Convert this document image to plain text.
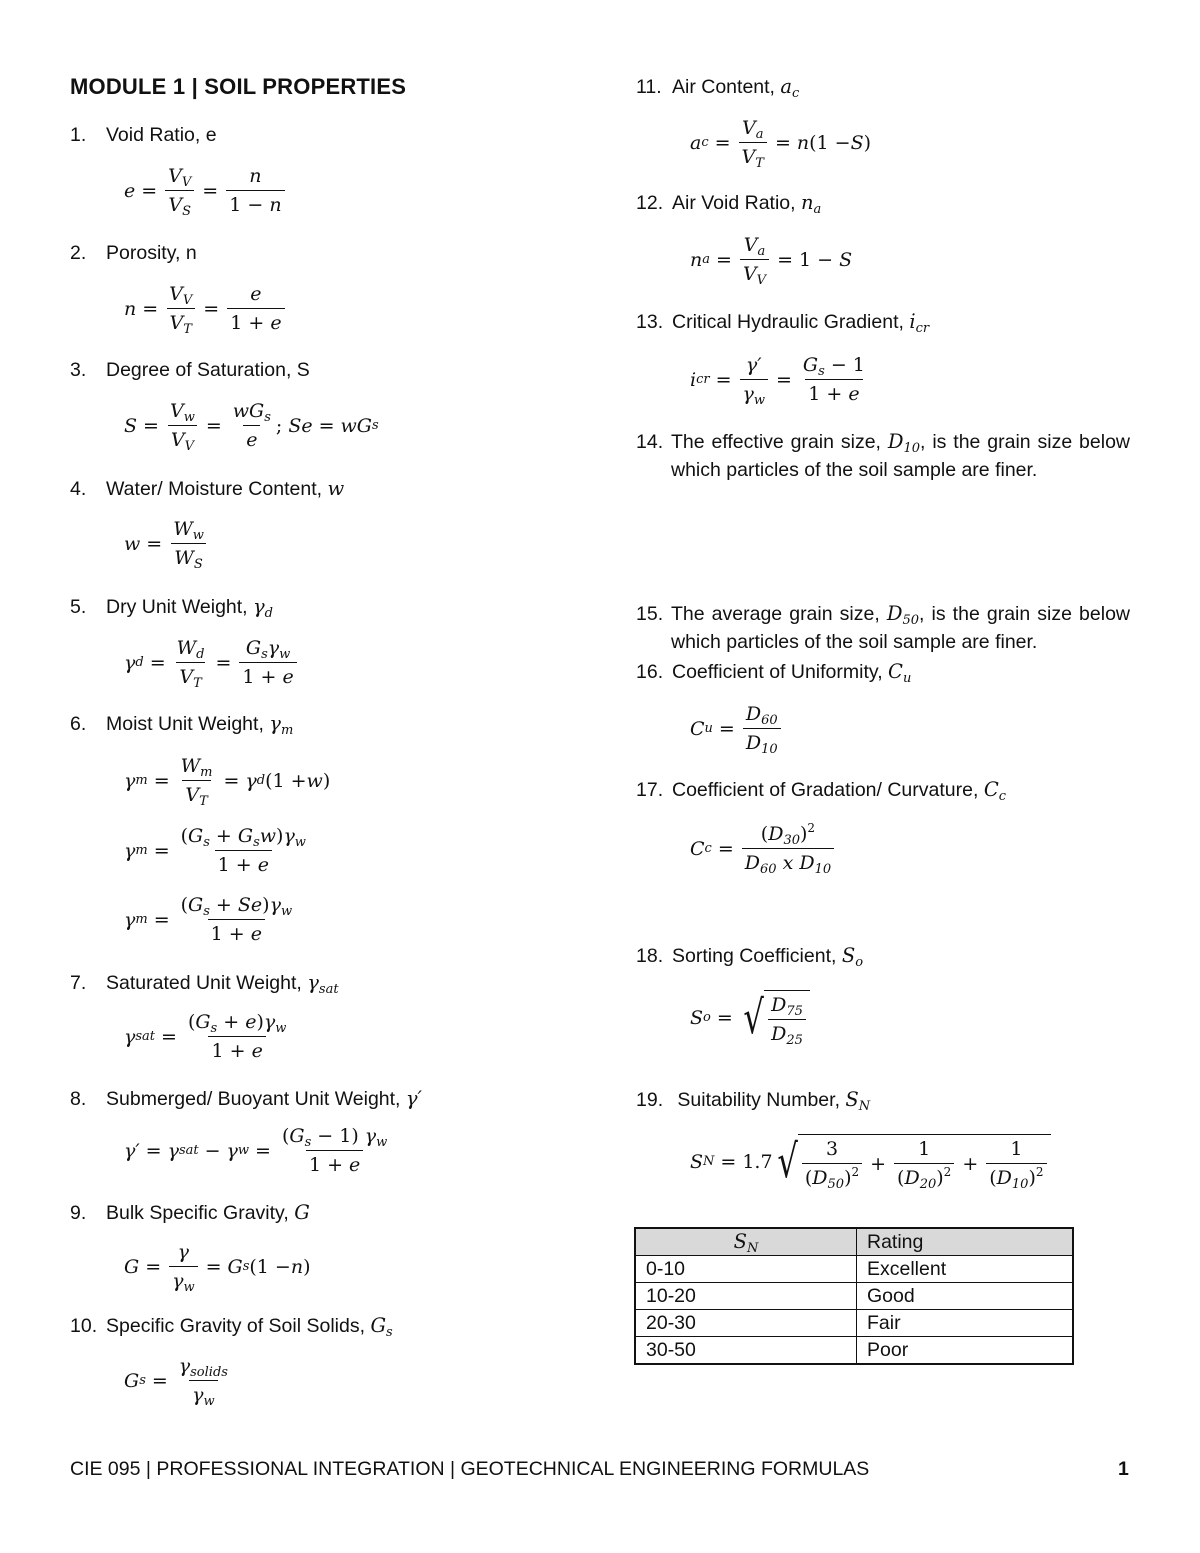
MODULE 1 | SOIL PROPERTIES
1. Void Ratio, e
$e = \frac{V_V}{V_S} = \frac{n}{1 - n}$
2. Porosity, n
$n = \frac{V_V}{V_T} = \frac{e}{1 + e}$
3. Degree of Saturation, S
$S = \frac{V_w}{V_V} = \frac{wG_s}{e}$ ; Se = wG s
4. Water/ Moisture Content, w
$w = \frac{W_w}{W_S}$
5. Dry Unit Weight, $\gamma_d$
γ $d = \frac{W_d}{V_T} = \frac{G_s\gamma_w}{1 + e}$
6. Moist Unit Weight, $\gamma_m$
γ $m = \frac{W_m}{V_T} = \gamma$ d (1 + w )
γ $m = \frac{(G_s + G_sw)\gamma_w}{1 + e}$
γ $m = \frac{(G_s + Se)\gamma_w}{1 + e}$
7. Saturated Unit Weight, $\gamma_{sat}$
γ sat = $\frac{(G_s + e)\gamma_w}{1 + e}$
8. Submerged/ Buoyant Unit Weight, γ′
γ′ = γ sat − γ $w = \frac{(G_s - 1) \gamma_w}{1 + e}$
9. Bulk Specific Gravity, G
$G = \frac{\gamma}{\gamma_w} = G$ s (1 − n )
10. Specific Gravity of Soil Solids, $G_s$
G $s = \frac{\gamma_{solids}}{\gamma_w}$
11. Air Content, $a_c$
a $c = \frac{V_a}{V_T} = n$ (1 − S )
12. Air Void Ratio, $n_a$
n $a = \frac{V_a}{V_V} = 1 - S$
13. Critical Hydraulic Gradient, $i_{cr}$
i cr = $\frac{\gamma'}{\gamma_w} = \frac{G_s - 1}{1 + e}$
14. The effective grain size, $D_{10}$, is the grain size below which particles of the soil sample are finer.
15. The average grain size, $D_{50}$, is the grain size below which particles of the soil sample are finer.
16. Coefficient of Uniformity, $C_u$
C $u = \frac{D_{60}}{D_{10}}$
17. Coefficient of Gradation/ Curvature, $C_c$
C $c = \frac{(D_{30})^2}{D_{60} x D_{10}}$
18. Sorting Coefficient, $S_o$
S o = √ $\frac{D_{75}}{D_{25}}$
19. Suitability Number, $S_N$
S N = 1.7 √ $\frac{3}{(D_{50})^2} + \frac{1}{(D_{20})^2} + \frac{1}{(D_{10})^2}$
$S_N$	Rating
0-10	Excellent
10-20	Good
20-30	Fair
30-50	Poor
CIE 095 | PROFESSIONAL INTEGRATION | GEOTECHNICAL ENGINEERING FORMULAS	1
